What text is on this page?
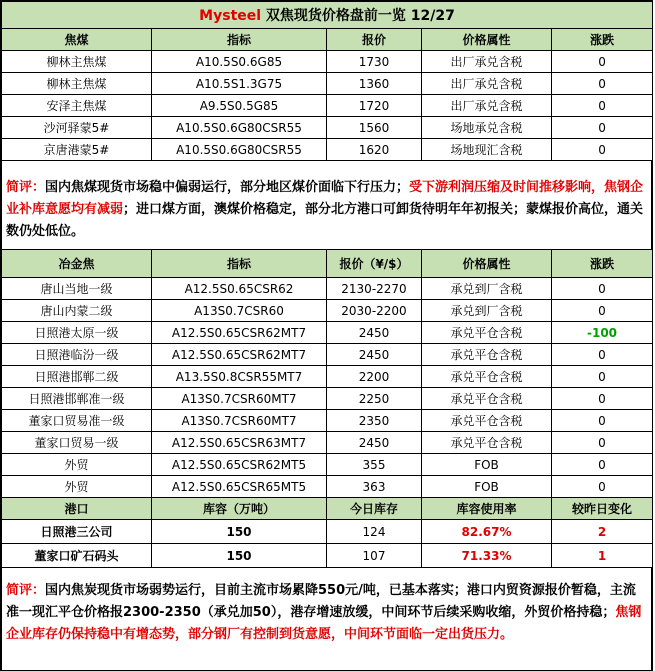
Mysteel 双焦现货价格盘前一览 12/27				
焦煤	指标	报价	价格属性	涨跌
柳林主焦煤	A10.5S0.6G85	1730	出厂承兑含税	0
柳林主焦煤	A10.5S1.3G75	1360	出厂承兑含税	0
安泽主焦煤	A9.5S0.5G85	1720	出厂承兑含税	0
沙河驿蒙5#	A10.5S0.6G80CSR55	1560	场地承兑含税	0
京唐港蒙5#	A10.5S0.6G80CSR55	1620	场地现汇含税	0
简评：国内焦煤现货市场稳中偏弱运行，部分地区煤价面临下行压力；受下游利润压缩及时间推移影响，焦钢企业补库意愿均有减弱；进口煤方面，澳煤价格稳定，部分北方港口可卸货待明年年初报关；蒙煤报价高位，通关数仍处低位。
冶金焦	指标	报价（¥/$）	价格属性	涨跌
唐山当地一级	A12.5S0.65CSR62	2130-2270	承兑到厂含税	0
唐山内蒙二级	A13S0.7CSR60	2030-2200	承兑到厂含税	0
日照港太原一级	A12.5S0.65CSR62MT7	2450	承兑平仓含税	-100
日照港临汾一级	A12.5S0.65CSR62MT7	2450	承兑平仓含税	0
日照港邯郸二级	A13.5S0.8CSR55MT7	2200	承兑平仓含税	0
日照港邯郸准一级	A13S0.7CSR60MT7	2250	承兑平仓含税	0
董家口贸易准一级	A13S0.7CSR60MT7	2350	承兑平仓含税	0
董家口贸易一级	A12.5S0.65CSR63MT7	2450	承兑平仓含税	0
外贸	A12.5S0.65CSR62MT5	355	FOB	0
外贸	A12.5S0.65CSR65MT5	363	FOB	0
港口	库容（万吨）	今日库存	库容使用率	较昨日变化
日照港三公司	150	124	82.67%	2
董家口矿石码头	150	107	71.33%	1
简评：国内焦炭现货市场弱势运行，目前主流市场累降550元/吨，已基本落实；港口内贸资源报价暂稳，主流准一现汇平仓价格报2300-2350（承兑加50），港存增速放缓，中间环节后续采购收缩，外贸价格持稳；焦钢企业库存仍保持稳中有增态势，部分钢厂有控制到货意愿，中间环节面临一定出货压力。
